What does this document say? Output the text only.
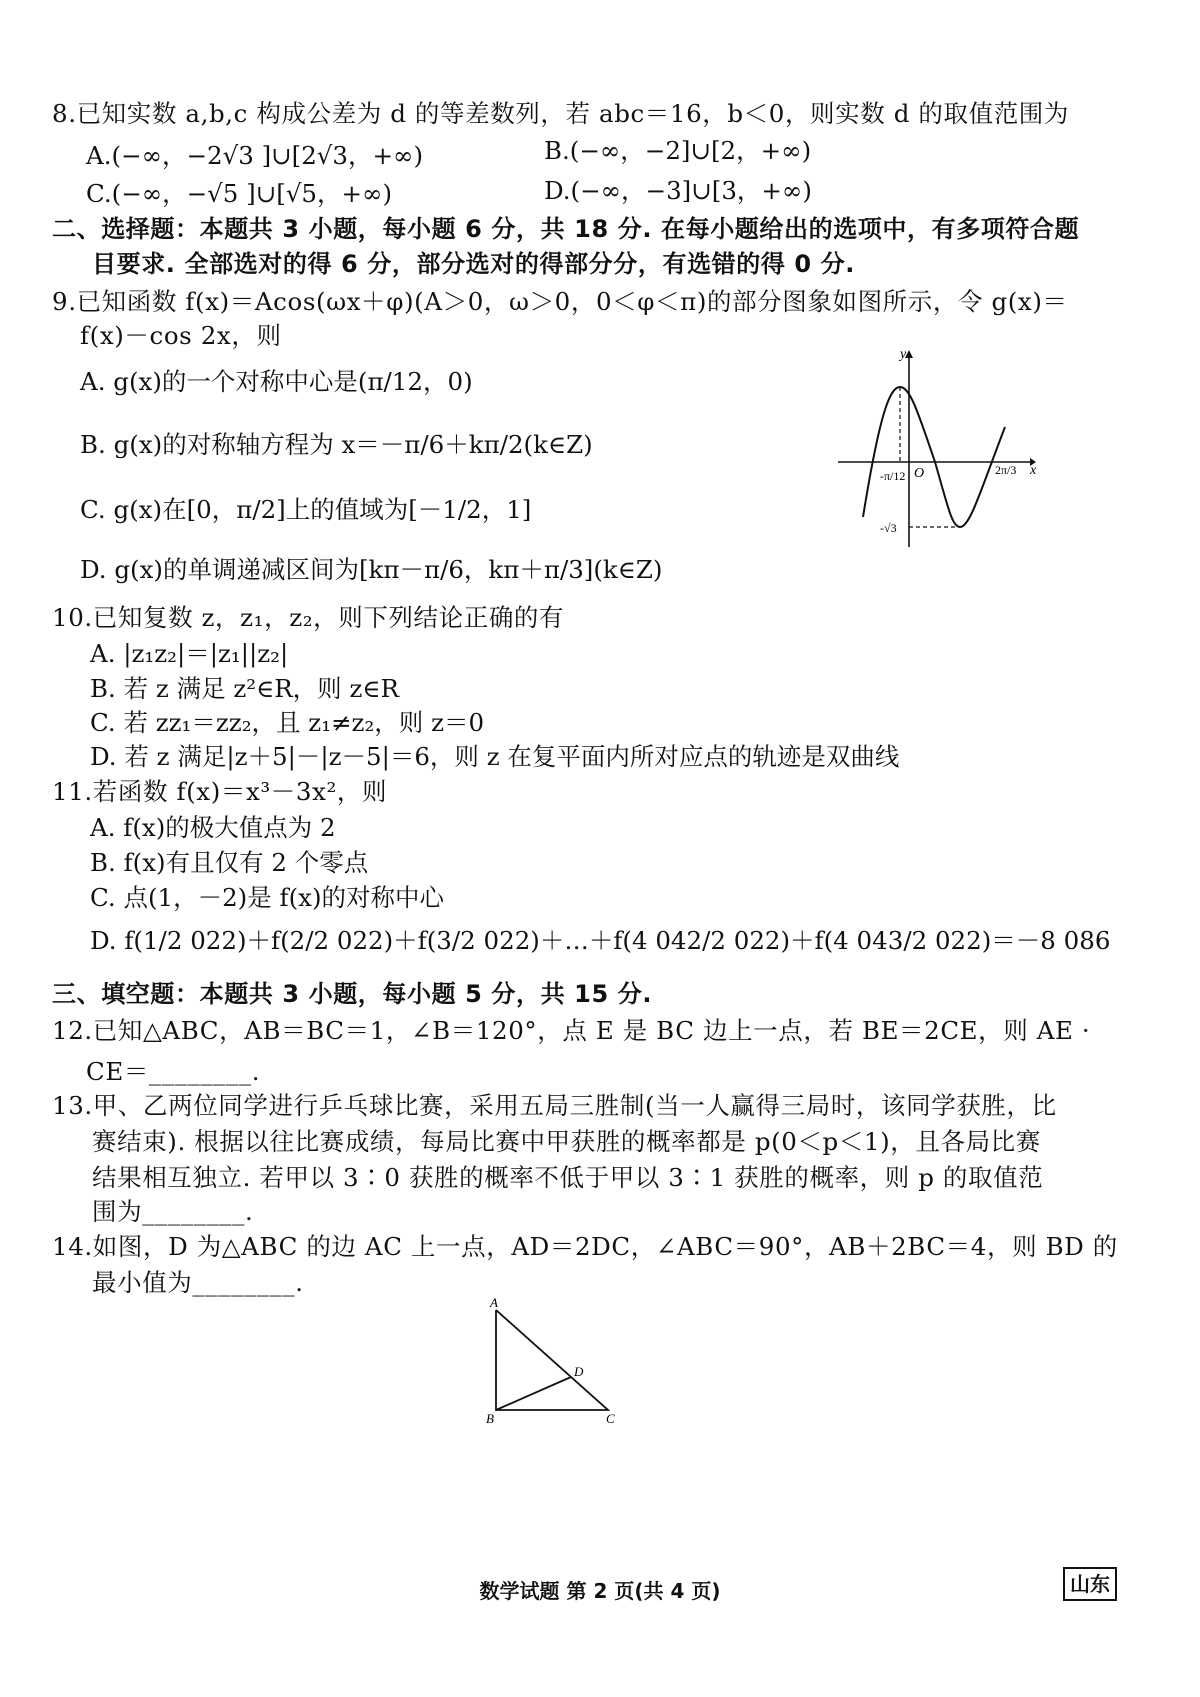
8.已知实数 a,b,c 构成公差为 d 的等差数列，若 abc＝16，b＜0，则实数 d 的取值范围为
A.(−∞，−2√3 ]∪[2√3，+∞)	B.(−∞，−2]∪[2，+∞)
C.(−∞，−√5 ]∪[√5，+∞)	D.(−∞，−3]∪[3，+∞)
二、选择题：本题共 3 小题，每小题 6 分，共 18 分. 在每小题给出的选项中，有多项符合题
目要求. 全部选对的得 6 分，部分选对的得部分分，有选错的得 0 分.
9.已知函数 f(x)＝Acos(ωx＋φ)(A＞0，ω＞0，0＜φ＜π)的部分图象如图所示，令 g(x)＝
f(x)－cos 2x，则
A. g(x)的一个对称中心是(π/12，0)
B. g(x)的对称轴方程为 x＝－π/6＋kπ/2(k∈Z)
C. g(x)在[0，π/2]上的值域为[－1/2，1]
D. g(x)的单调递减区间为[kπ－π/6，kπ＋π/3](k∈Z)
y
x
O
-π/12	2π/3
-√3
10.已知复数 z，z₁，z₂，则下列结论正确的有
A. |z₁z₂|＝|z₁||z₂|
B. 若 z 满足 z²∈R，则 z∈R
C. 若 zz₁＝zz₂，且 z₁≠z₂，则 z＝0
D. 若 z 满足|z＋5|－|z－5|＝6，则 z 在复平面内所对应点的轨迹是双曲线
11.若函数 f(x)＝x³－3x²，则
A. f(x)的极大值点为 2
B. f(x)有且仅有 2 个零点
C. 点(1，－2)是 f(x)的对称中心
D. f(1/2 022)＋f(2/2 022)＋f(3/2 022)＋…＋f(4 042/2 022)＋f(4 043/2 022)＝－8 086
三、填空题：本题共 3 小题，每小题 5 分，共 15 分.
12.已知△ABC，AB＝BC＝1，∠B＝120°，点 E 是 BC 边上一点，若 BE＝2CE，则 AE ·
CE＝________.
13.甲、乙两位同学进行乒乓球比赛，采用五局三胜制(当一人赢得三局时，该同学获胜，比
赛结束). 根据以往比赛成绩，每局比赛中甲获胜的概率都是 p(0＜p＜1)，且各局比赛
结果相互独立. 若甲以 3∶0 获胜的概率不低于甲以 3∶1 获胜的概率，则 p 的取值范
围为________.
14.如图，D 为△ABC 的边 AC 上一点，AD＝2DC，∠ABC＝90°，AB＋2BC＝4，则 BD 的
最小值为________.
A
B	C
D
数学试题 第 2 页(共 4 页)	山东
